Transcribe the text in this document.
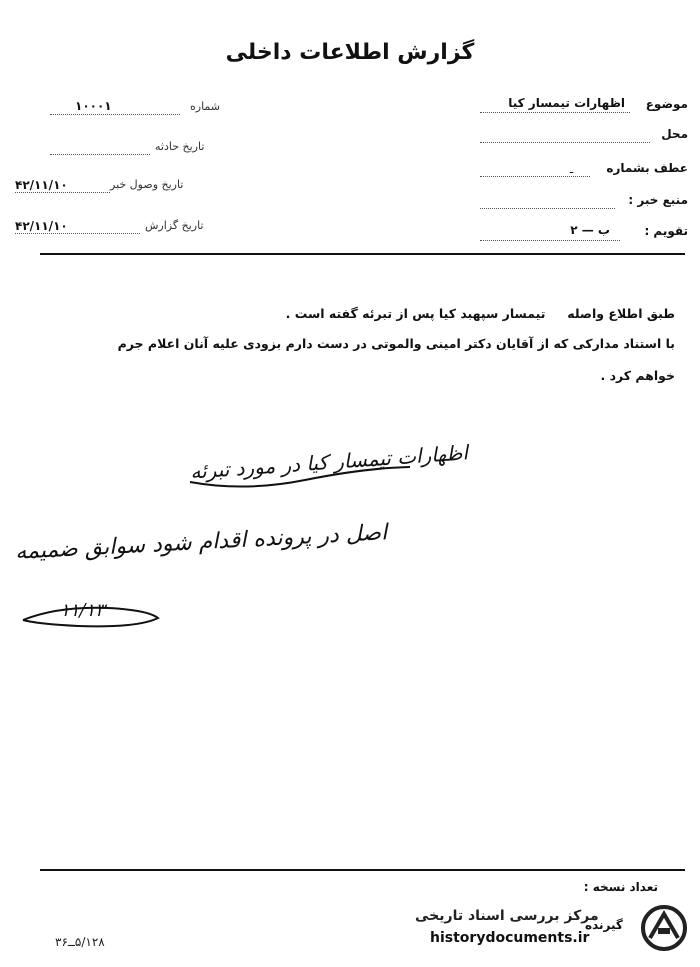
گزارش اطلاعات داخلی
موضوع
اظهارات تیمسار کیا
محل
عطف بشماره
ـ
منبع خبر :
تقویم :
ب — ۲
شماره
۱۰۰۰۱
تاریخ حادثه
تاریخ وصول خبر
۴۲/۱۱/۱۰
تاریخ گزارش
۴۲/۱۱/۱۰
طبق اطلاع واصله     تیمسار سپهبد کیا پس از تبرئه گفته است .
با استناد مدارکی که از آقایان دکتر امینی والموتی در دست دارم بزودی علیه آنان اعلام جرم
خواهم کرد .
اظهارات تیمسار کیا در مورد تبرئه
اصل در پرونده اقدام شود سوابق ضمیمه
۱۱/۱۳
تعداد نسخه :
گیرنده
۵/۱۲۸ــ۳۶
مرکز بررسی اسناد تاریخی
historydocuments.ir
